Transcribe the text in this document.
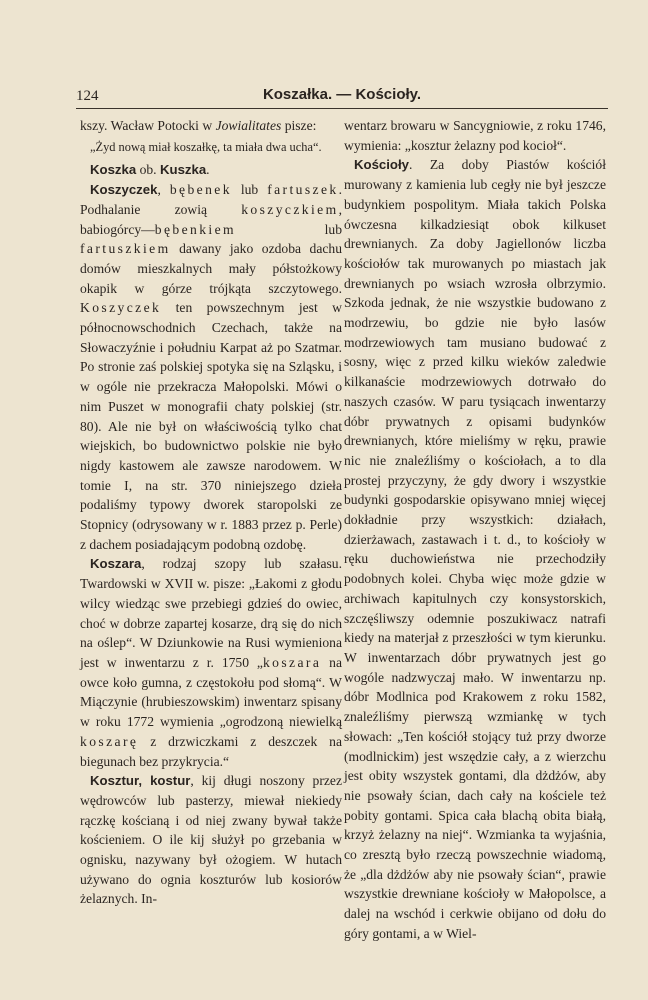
124	Koszałka. — Kościoły.

kszy. Wacław Potocki w Jowialitates pisze:

„Żyd nową miał koszałkę, ta miała dwa ucha“.

Koszka ob. Kuszka.

Koszyczek, bębenek lub fartuszek. Podhalanie zowią koszyczkiem, babiogórcy—bębenkiem lub fartuszkiem dawany jako ozdoba dachu domów mieszkalnych mały półstożkowy okapik w górze trójkąta szczytowego. Koszyczek ten powszechnym jest w północnowschodnich Czechach, także na Słowaczyźnie i południu Karpat aż po Szatmar. Po stronie zaś polskiej spotyka się na Szląsku, i w ogóle nie przekracza Małopolski. Mówi o nim Puszet w monografii chaty polskiej (str. 80). Ale nie był on właściwością tylko chat wiejskich, bo budownictwo polskie nie było nigdy kastowem ale zawsze narodowem. W tomie I, na str. 370 niniejszego dzieła podaliśmy typowy dworek staropolski ze Stopnicy (odrysowany w r. 1883 przez p. Perle) z dachem posiadającym podobną ozdobę.

Koszara, rodzaj szopy lub szałasu. Twardowski w XVII w. pisze: „Łakomi z głodu wilcy wiedząc swe przebiegi gdzieś do owiec, choć w dobrze zapartej kosarze, drą się do nich na oślep“. W Dziunkowie na Rusi wymieniona jest w inwentarzu z r. 1750 „koszara na owce koło gumna, z częstokołu pod słomą“. W Miączynie (hrubieszowskim) inwentarz spisany w roku 1772 wymienia „ogrodzoną niewielką koszarę z drzwiczkami z deszczek na biegunach bez przykrycia.“

Kosztur, kostur, kij długi noszony przez wędrowców lub pasterzy, miewał niekiedy rączkę kościaną i od niej zwany bywał także kościeniem. O ile kij służył po grzebania w ognisku, nazywany był ożogiem. W hutach używano do ognia koszturów lub kosiorów żelaznych. In-

wentarz browaru w Sancygniowie, z roku 1746, wymienia: „kosztur żelazny pod kocioł“.

Kościoły. Za doby Piastów kościół murowany z kamienia lub cegły nie był jeszcze budynkiem pospolitym. Miała takich Polska ówczesna kilkadziesiąt obok kilkuset drewnianych. Za doby Jagiellonów liczba kościołów tak murowanych po miastach jak drewnianych po wsiach wzrosła olbrzymio. Szkoda jednak, że nie wszystkie budowano z modrzewiu, bo gdzie nie było lasów modrzewiowych tam musiano budować z sosny, więc z przed kilku wieków zaledwie kilkanaście modrzewiowych dotrwało do naszych czasów. W paru tysiącach inwentarzy dóbr prywatnych z opisami budynków drewnianych, które mieliśmy w ręku, prawie nic nie znaleźliśmy o kościołach, a to dla prostej przyczyny, że gdy dwory i wszystkie budynki gospodarskie opisywano mniej więcej dokładnie przy wszystkich: działach, dzierżawach, zastawach i t. d., to kościoły w ręku duchowieństwa nie przechodziły podobnych kolei. Chyba więc może gdzie w archiwach kapitulnych czy konsystorskich, szczęśliwszy odemnie poszukiwacz natrafi kiedy na materjał z przeszłości w tym kierunku. W inwentarzach dóbr prywatnych jest go wogóle nadzwyczaj mało. W inwentarzu np. dóbr Modlnica pod Krakowem z roku 1582, znaleźliśmy pierwszą wzmiankę w tych słowach: „Ten kościół stojący tuż przy dworze (modlnickim) jest wszędzie cały, a z wierzchu jest obity wszystek gontami, dla dżdżów, aby nie psowały ścian, dach cały na kościele też pobity gontami. Spica cała blachą obita białą, krzyż żelazny na niej“. Wzmianka ta wyjaśnia, co zresztą było rzeczą powszechnie wiadomą, że „dla dżdżów aby nie psowały ścian“, prawie wszystkie drewniane kościoły w Małopolsce, a dalej na wschód i cerkwie obijano od dołu do góry gontami, a w Wiel-
